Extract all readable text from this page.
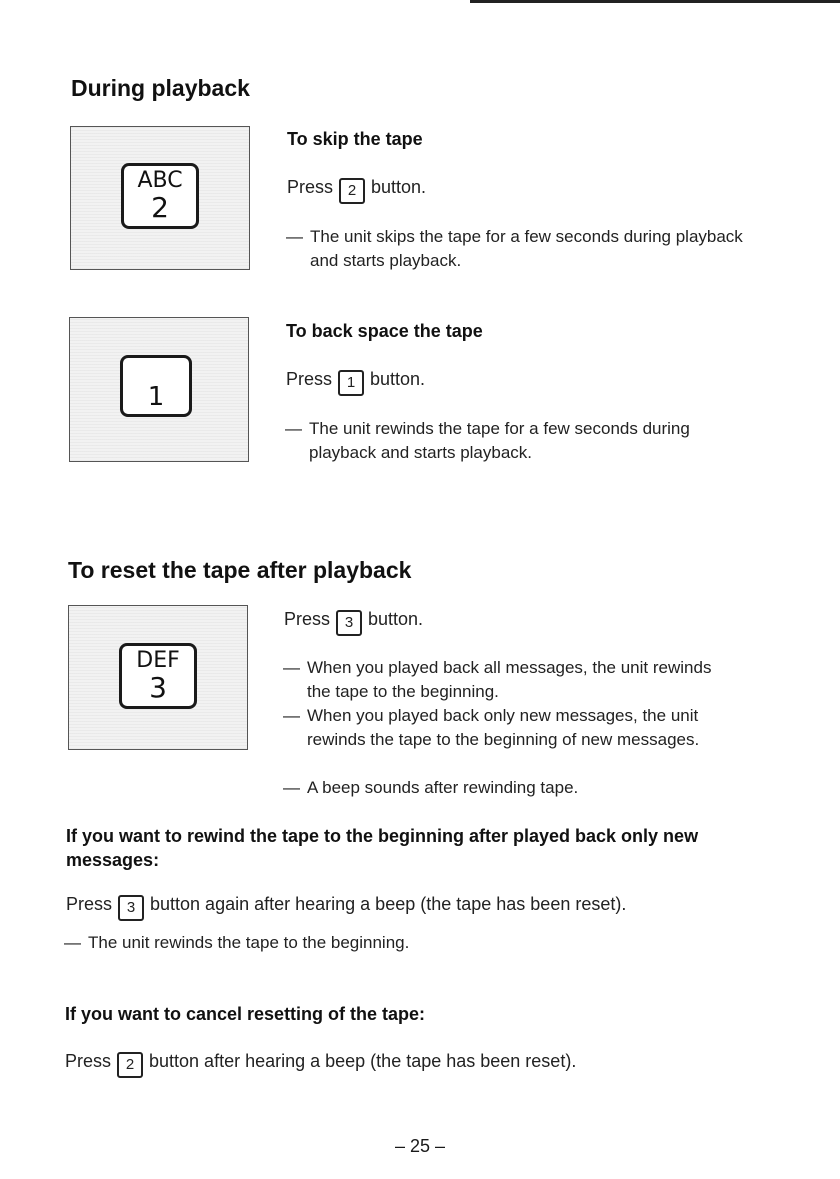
During playback
ABC
2
To skip the tape

Press 2 button.

— The unit skips the tape for a few seconds during playback and starts playback.
1
To back space the tape

Press 1 button.

— The unit rewinds the tape for a few seconds during playback and starts playback.
To reset the tape after playback
DEF
3

Press 3 button.

— When you played back all messages, the unit rewinds the tape to the beginning.
— When you played back only new messages, the unit rewinds the tape to the beginning of new messages.
— A beep sounds after rewinding tape.
If you want to rewind the tape to the beginning after played back only new messages:

Press 3 button again after hearing a beep (the tape has been reset).

— The unit rewinds the tape to the beginning.
If you want to cancel resetting of the tape:

Press 2 button after hearing a beep (the tape has been reset).

– 25 –
